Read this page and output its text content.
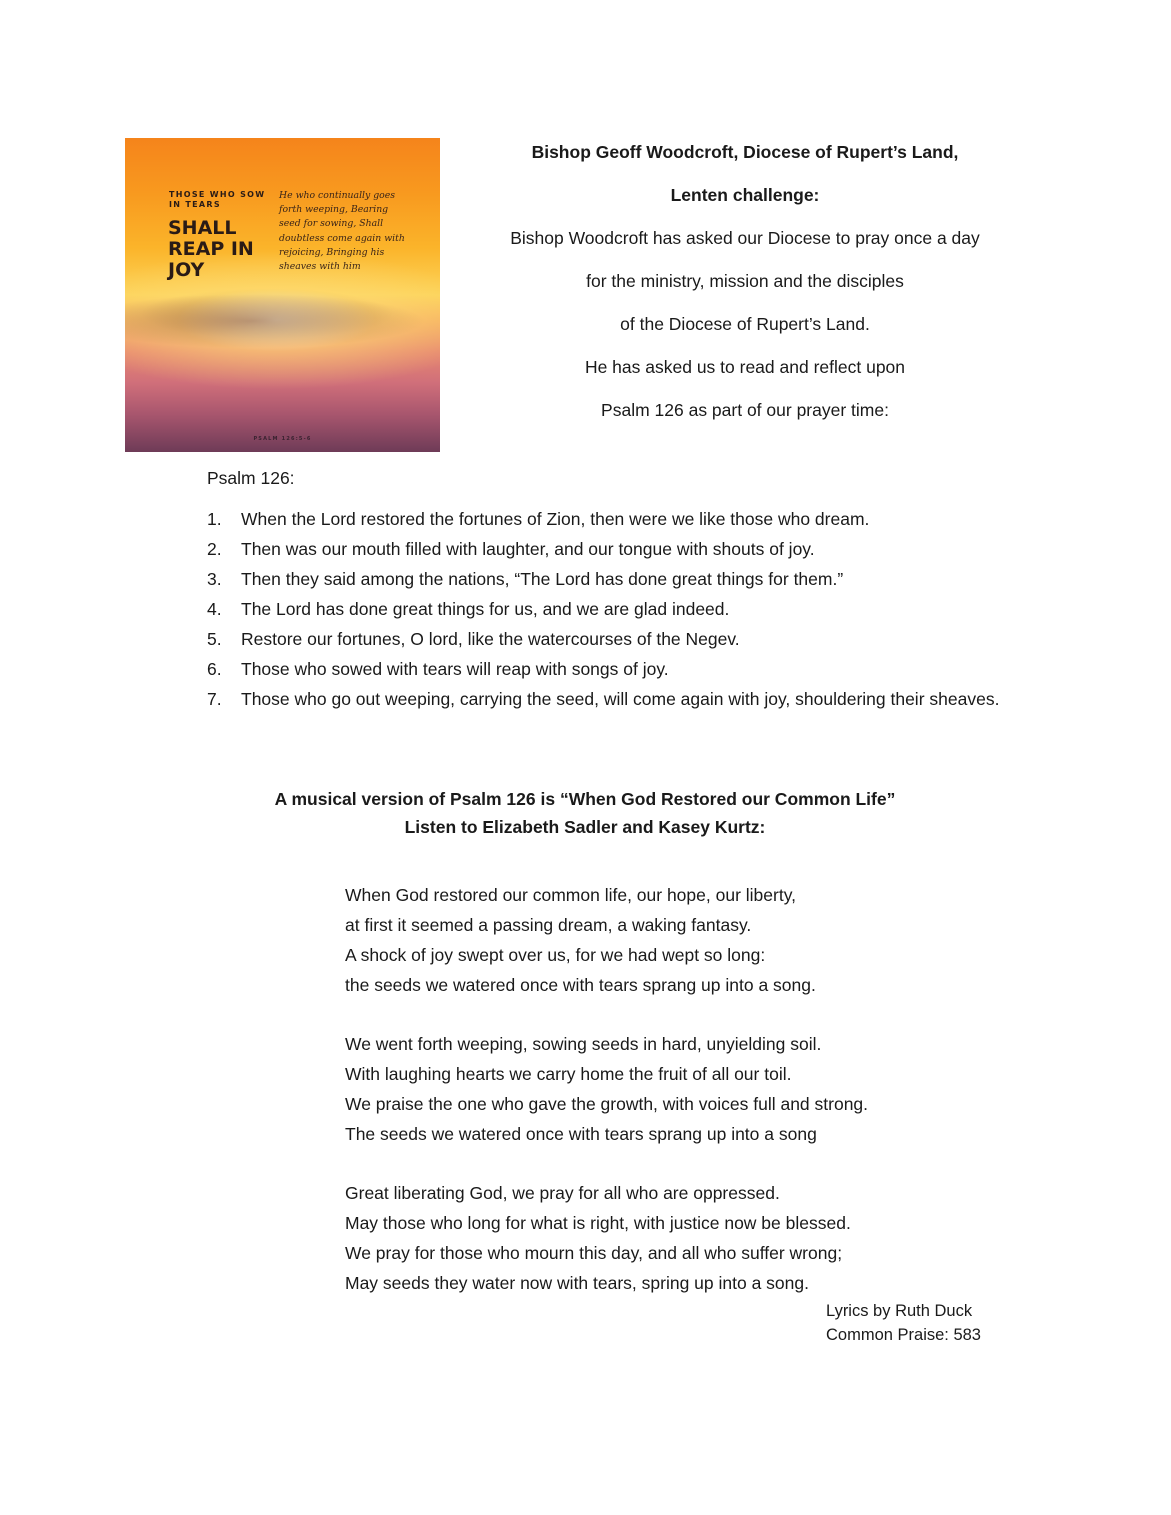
THOSE WHO SOW
IN TEARS
SHALL
REAP IN
JOY
He who continually goes forth weeping, Bearing seed for sowing, Shall doubtless come again with rejoicing, Bringing his sheaves with him
PSALM 126:5-6
Bishop Geoff Woodcroft, Diocese of Rupert’s Land,
Lenten challenge:
Bishop Woodcroft has asked our Diocese to pray once a day
for the ministry, mission and the disciples
of the Diocese of Rupert’s Land.
He has asked us to read and reflect upon
Psalm 126 as part of our prayer time:
Psalm 126:
1. When the Lord restored the fortunes of Zion, then were we like those who dream.
2. Then was our mouth filled with laughter, and our tongue with shouts of joy.
3. Then they said among the nations, “The Lord has done great things for them.”
4. The Lord has done great things for us, and we are glad indeed.
5. Restore our fortunes, O lord, like the watercourses of the Negev.
6. Those who sowed with tears will reap with songs of joy.
7. Those who go out weeping, carrying the seed, will come again with joy, shouldering their sheaves.
A musical version of Psalm 126 is “When God Restored our Common Life”
Listen to Elizabeth Sadler and Kasey Kurtz:
When God restored our common life, our hope, our liberty,
at first it seemed a passing dream, a waking fantasy.
A shock of joy swept over us, for we had wept so long:
the seeds we watered once with tears sprang up into a song.
We went forth weeping, sowing seeds in hard, unyielding soil.
With laughing hearts we carry home the fruit of all our toil.
We praise the one who gave the growth, with voices full and strong.
The seeds we watered once with tears sprang up into a song
Great liberating God, we pray for all who are oppressed.
May those who long for what is right, with justice now be blessed.
We pray for those who mourn this day, and all who suffer wrong;
May seeds they water now with tears, spring up into a song.
Lyrics by Ruth Duck
Common Praise: 583
